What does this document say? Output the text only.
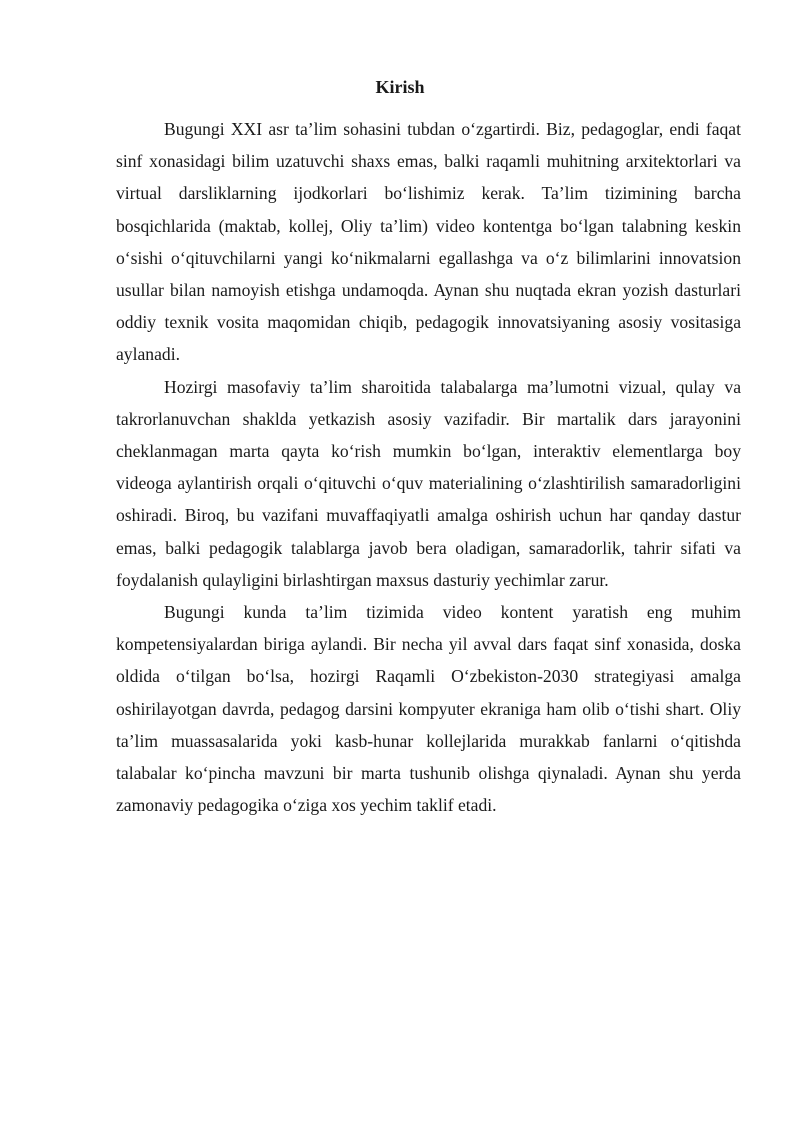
Kirish

Bugungi XXI asr ta’lim sohasini tubdan o‘zgartirdi. Biz, pedagoglar, endi faqat sinf xonasidagi bilim uzatuvchi shaxs emas, balki raqamli muhitning arxitektorlari va virtual darsliklarning ijodkorlari bo‘lishimiz kerak. Ta’lim tizimining barcha bosqichlarida (maktab, kollej, Oliy ta’lim) video kontentga bo‘lgan talabning keskin o‘sishi o‘qituvchilarni yangi ko‘nikmalarni egallashga va o‘z bilimlarini innovatsion usullar bilan namoyish etishga undamoqda. Aynan shu nuqtada ekran yozish dasturlari oddiy texnik vosita maqomidan chiqib, pedagogik innovatsiyaning asosiy vositasiga aylanadi.

Hozirgi masofaviy ta’lim sharoitida talabalarga ma’lumotni vizual, qulay va takrorlanuvchan shaklda yetkazish asosiy vazifadir. Bir martalik dars jarayonini cheklanmagan marta qayta ko‘rish mumkin bo‘lgan, interaktiv elementlarga boy videoga aylantirish orqali o‘qituvchi o‘quv materialining o‘zlashtirilish samaradorligini oshiradi. Biroq, bu vazifani muvaffaqiyatli amalga oshirish uchun har qanday dastur emas, balki pedagogik talablarga javob bera oladigan, samaradorlik, tahrir sifati va foydalanish qulayligini birlashtirgan maxsus dasturiy yechimlar zarur.

Bugungi kunda ta’lim tizimida video kontent yaratish eng muhim kompetensiyalardan biriga aylandi. Bir necha yil avval dars faqat sinf xonasida, doska oldida o‘tilgan bo‘lsa, hozirgi Raqamli O‘zbekiston-2030 strategiyasi amalga oshirilayotgan davrda, pedagog darsini kompyuter ekraniga ham olib o‘tishi shart. Oliy ta’lim muassasalarida yoki kasb-hunar kollejlarida murakkab fanlarni o‘qitishda talabalar ko‘pincha mavzuni bir marta tushunib olishga qiynaladi. Aynan shu yerda zamonaviy pedagogika o‘ziga xos yechim taklif etadi.
